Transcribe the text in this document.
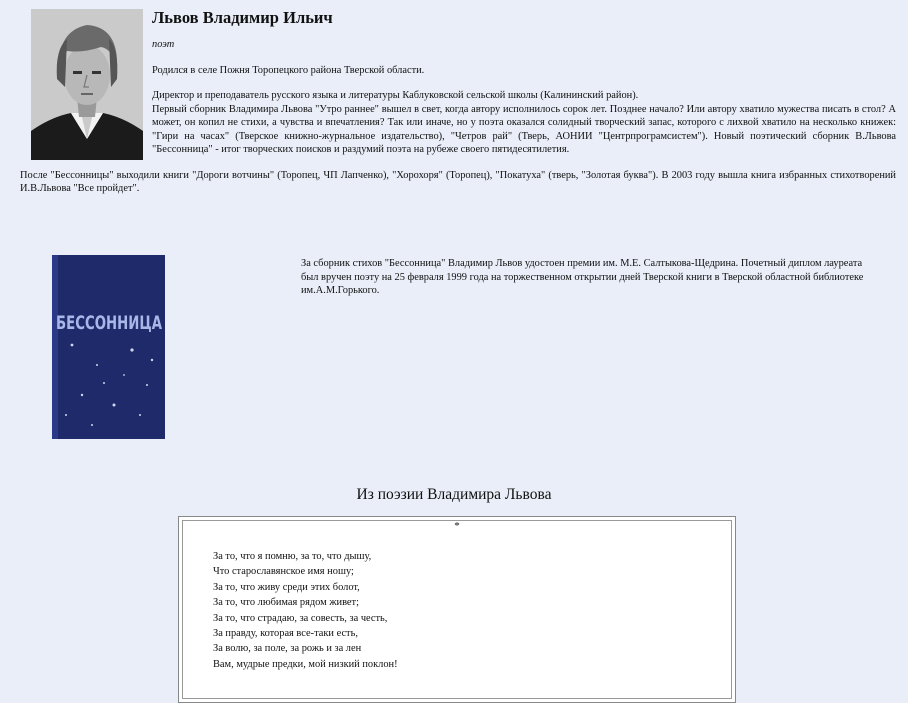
Львов Владимир Ильич
поэт

Родился в селе Пожня Торопецкого района Тверской области.

Директор и преподаватель русского языка и литературы Каблуковской сельской школы (Калининский район).

Первый сборник Владимира Львова "Утро раннее" вышел в свет, когда автору исполнилось сорок лет. Позднее начало? Или автору хватило мужества писать в стол? А может, он копил не стихи, а чувства и впечатления? Так или иначе, но у поэта оказался солидный творческий запас, которого с лихвой хватило на несколько книжек: "Гири на часах" (Тверское книжно-журнальное издательство), "Четров рай" (Тверь, АОНИИ "Центрпрограмсистем"). Новый поэтический сборник В.Львова "Бессонница" - итог творческих поисков и раздумий поэта на рубеже своего пятидесятилетия.

После "Бессонницы" выходили книги "Дороги вотчины" (Торопец, ЧП Лапченко), "Хорохоря" (Торопец), "Покатуха" (тверь, "Золотая буква"). В 2003 году вышла книга избранных стихотворений И.В.Львова "Все пройдет".

БЕССОННИЦА

За сборник стихов "Бессонница" Владимир Львов удостоен премии им. М.Е. Салтыкова-Щедрина. Почетный диплом лауреата был вручен поэту на 25 февраля 1999 года на торжественном открытии дней Тверской книги в Тверской областной библиотеке им.А.М.Горького.

Из поэзии Владимира Львова
*
За то, что я помню, за то, что дышу,
Что старославянское имя ношу;
За то, что живу среди этих болот,
За то, что любимая рядом живет;
За то, что страдаю, за совесть, за честь,
За правду, которая все-таки есть,
За волю, за поле, за рожь и за лен
Вам, мудрые предки, мой низкий поклон!
